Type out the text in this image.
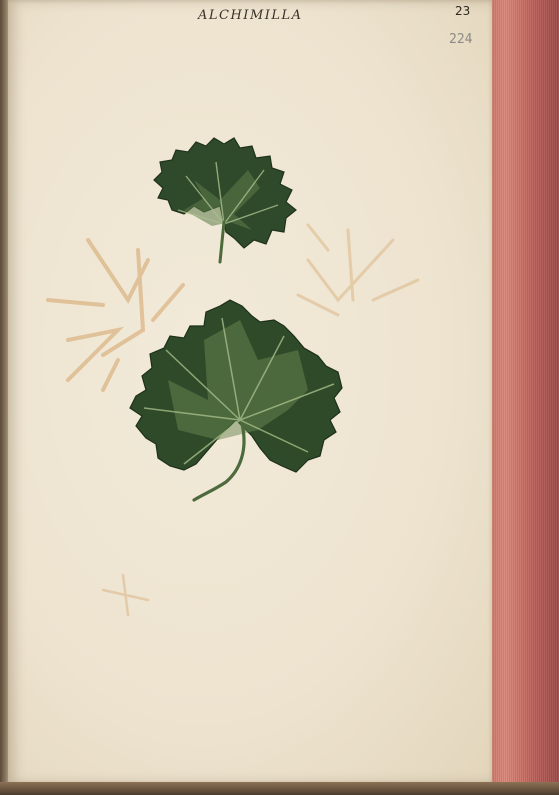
ALCHIMILLA	23
224
